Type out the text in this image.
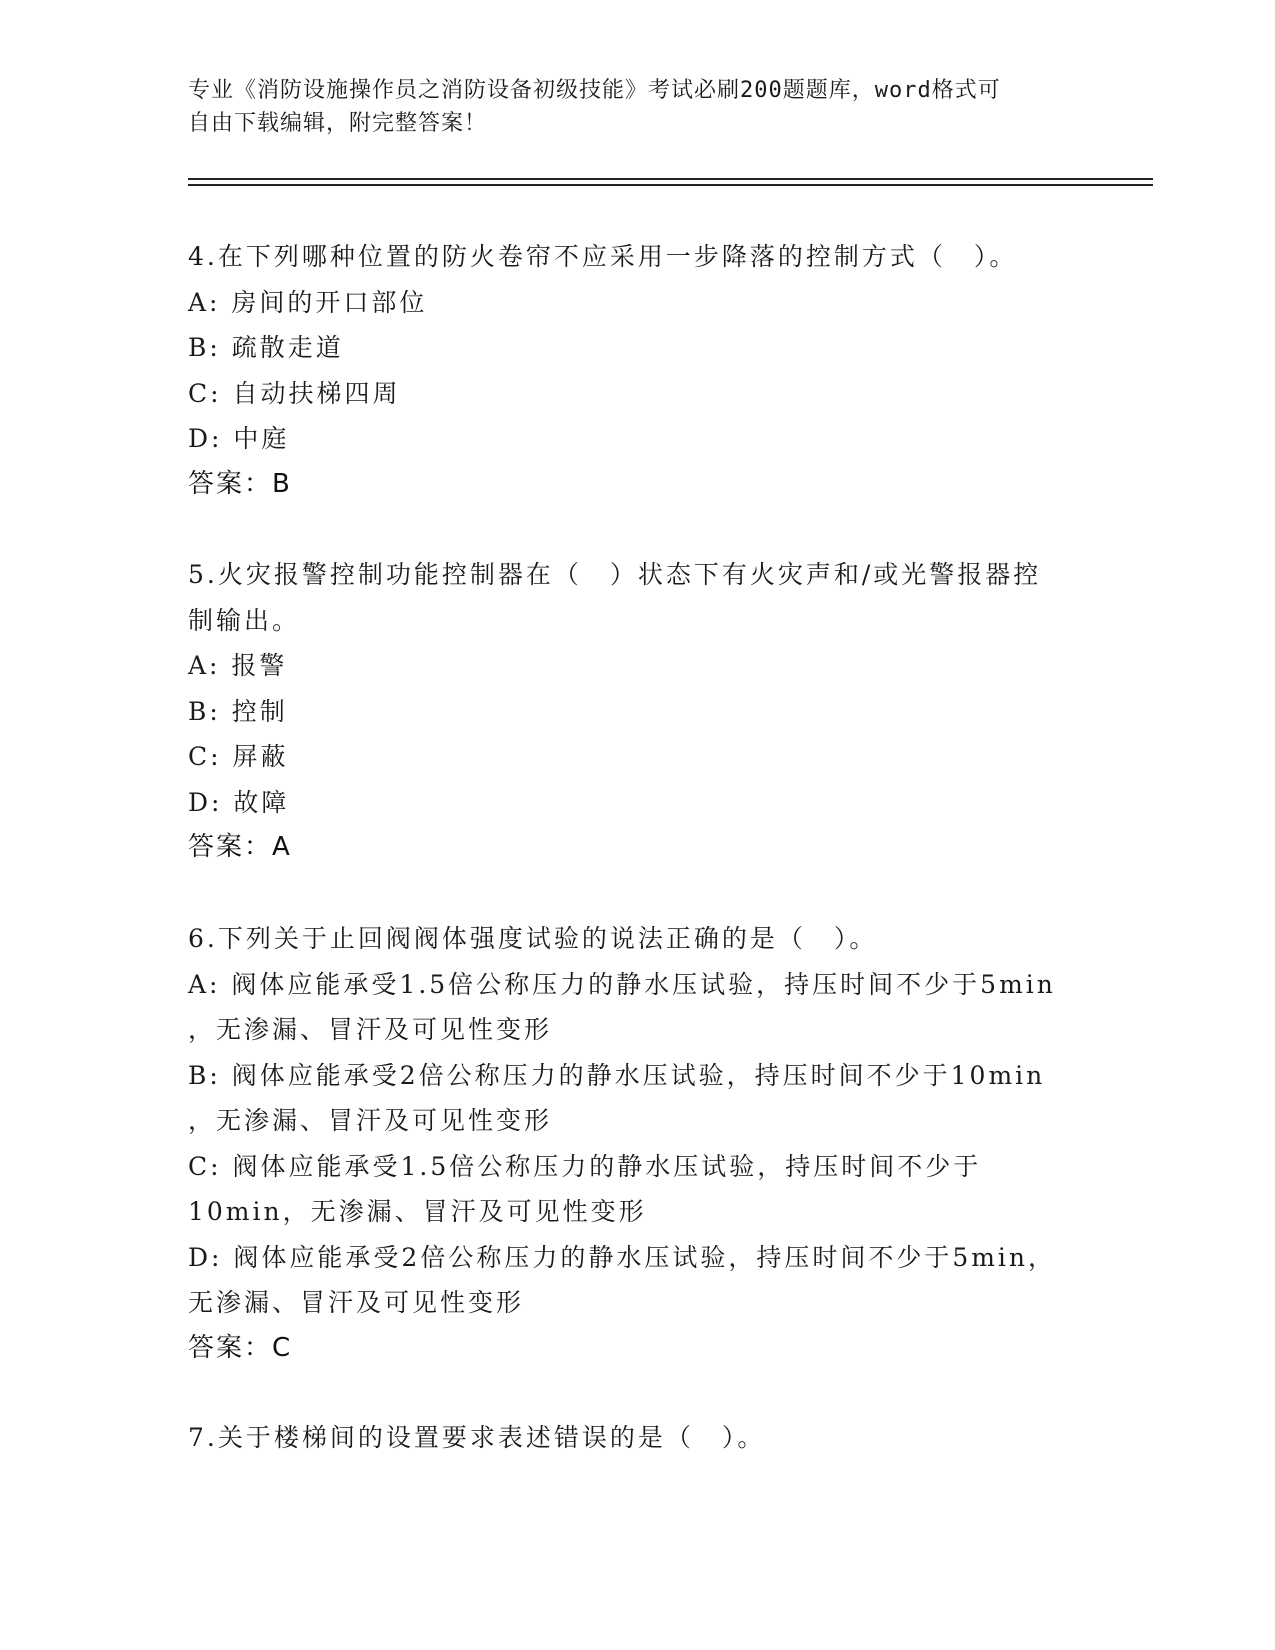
专业《消防设施操作员之消防设备初级技能》考试必刷200题题库，word格式可
自由下载编辑，附完整答案！
4.在下列哪种位置的防火卷帘不应采用一步降落的控制方式（　）。
A: 房间的开口部位
B: 疏散走道
C: 自动扶梯四周
D: 中庭
答案：B
5.火灾报警控制功能控制器在（　）状态下有火灾声和/或光警报器控
制输出。
A: 报警
B: 控制
C: 屏蔽
D: 故障
答案：A
6.下列关于止回阀阀体强度试验的说法正确的是（　）。
A: 阀体应能承受1.5倍公称压力的静水压试验，持压时间不少于5min
，无渗漏、冒汗及可见性变形
B: 阀体应能承受2倍公称压力的静水压试验，持压时间不少于10min
，无渗漏、冒汗及可见性变形
C: 阀体应能承受1.5倍公称压力的静水压试验，持压时间不少于
10min，无渗漏、冒汗及可见性变形
D: 阀体应能承受2倍公称压力的静水压试验，持压时间不少于5min，
无渗漏、冒汗及可见性变形
答案：C
7.关于楼梯间的设置要求表述错误的是（　）。
